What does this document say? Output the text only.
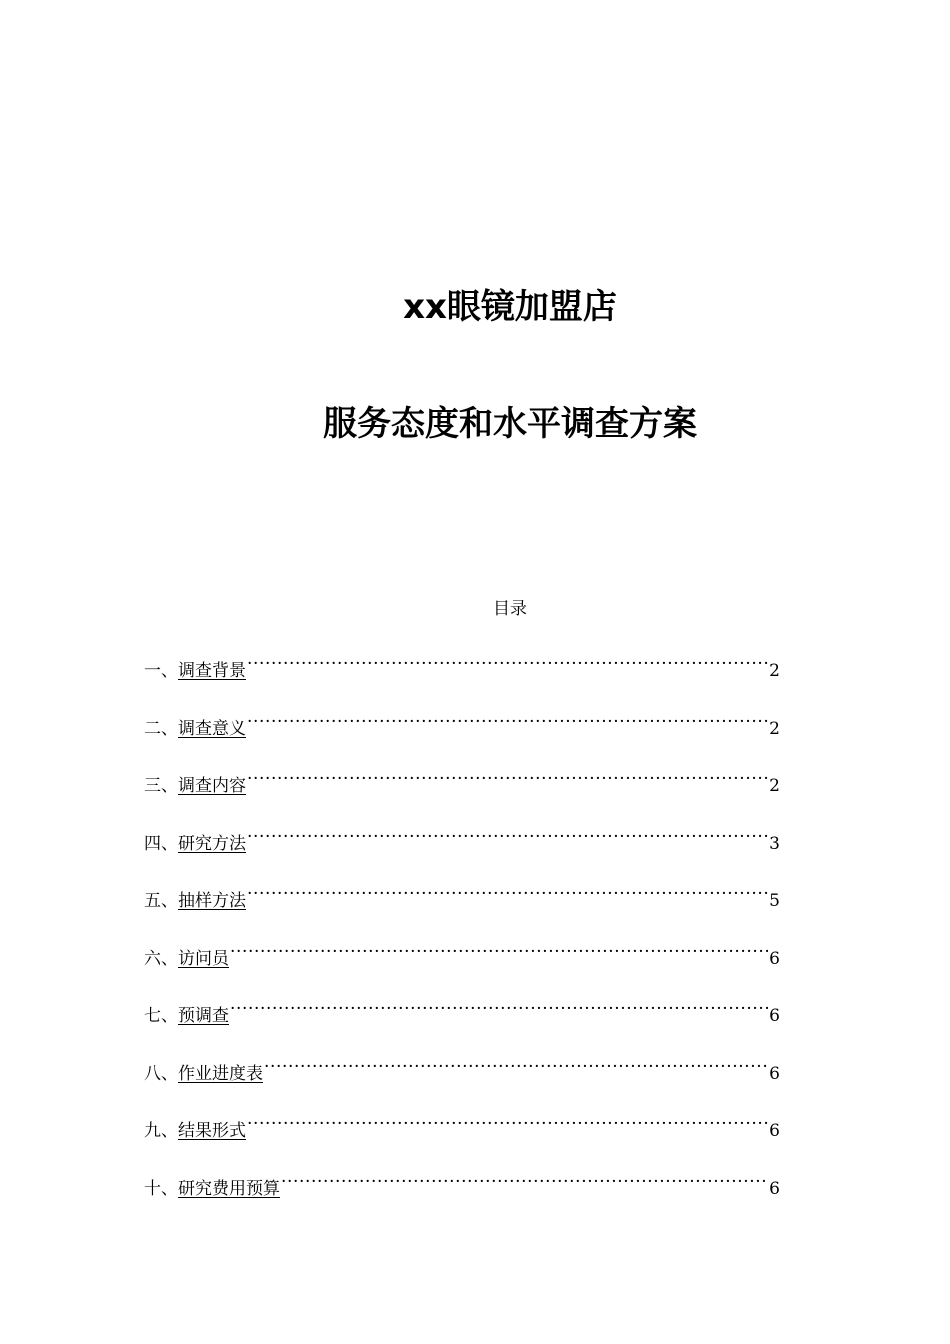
xx眼镜加盟店
服务态度和水平调查方案
目录
一、 调查背景 ·····	2
二、 调查意义 ·····	2
三、 调查内容 ·····	2
四、 研究方法 ·····	3
五、 抽样方法 ·····	5
六、 访问员 ·····	6
七、 预调查 ·····	6
八、 作业进度表 ·····	6
九、 结果形式 ·····	6
十、 研究费用预算 ·····	6
